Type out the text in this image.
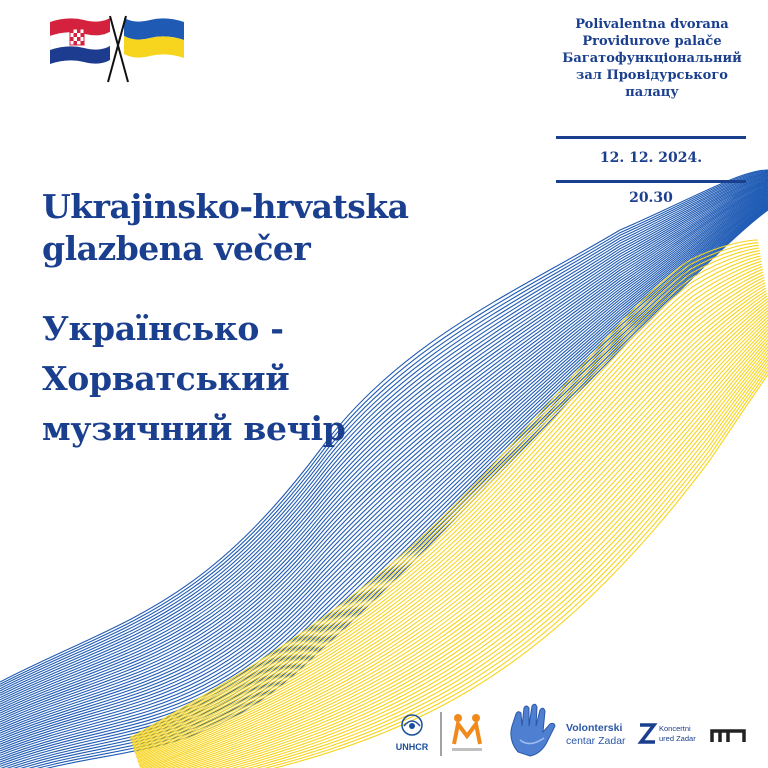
Polivalentna dvorana

Providurove palače

Багатофункціональний

зал Провідурського

палацу

12. 12. 2024.
20.30
Ukrajinsko-hrvatska
glazbena večer
Українсько -
Хорватський
музичний вечір
UNHCR
Volonterski
centar Zadar
Koncertni
ured Zadar
